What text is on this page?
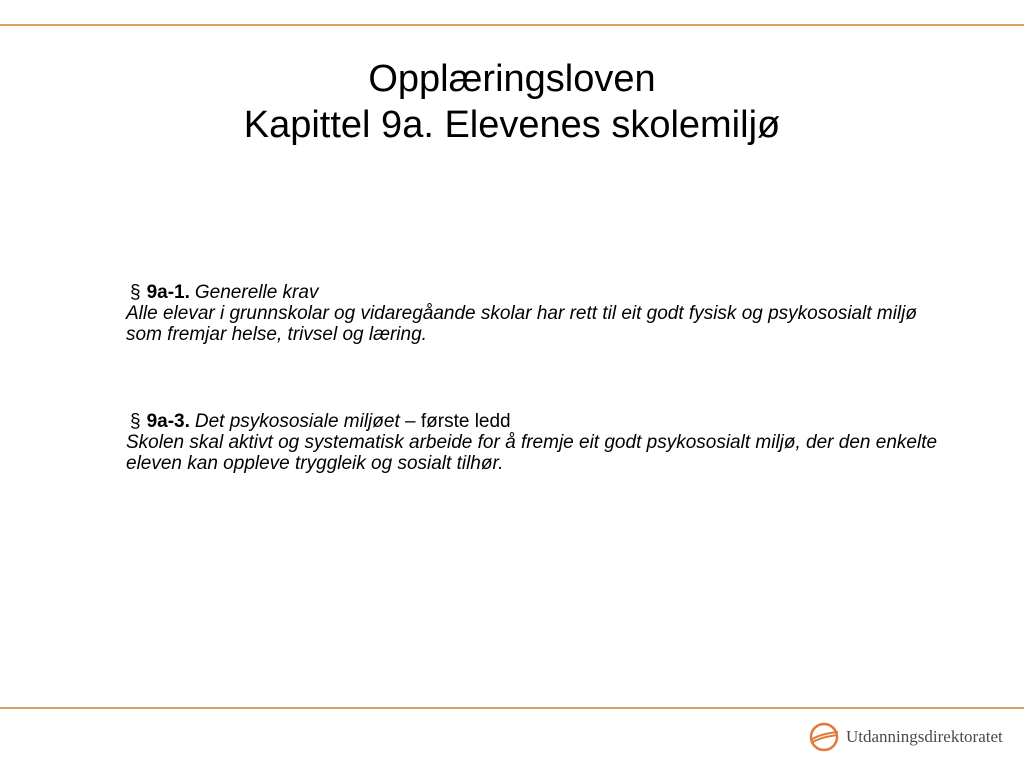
Opplæringsloven
Kapittel 9a. Elevenes skolemiljø
§ 9a-1. Generelle krav
Alle elevar i grunnskolar og vidaregåande skolar har rett til eit godt fysisk og psykososialt miljø som fremjar helse, trivsel og læring.
§ 9a-3. Det psykososiale miljøet – første ledd
Skolen skal aktivt og systematisk arbeide for å fremje eit godt psykososialt miljø, der den enkelte eleven kan oppleve tryggleik og sosialt tilhør.
Utdanningsdirektoratet
